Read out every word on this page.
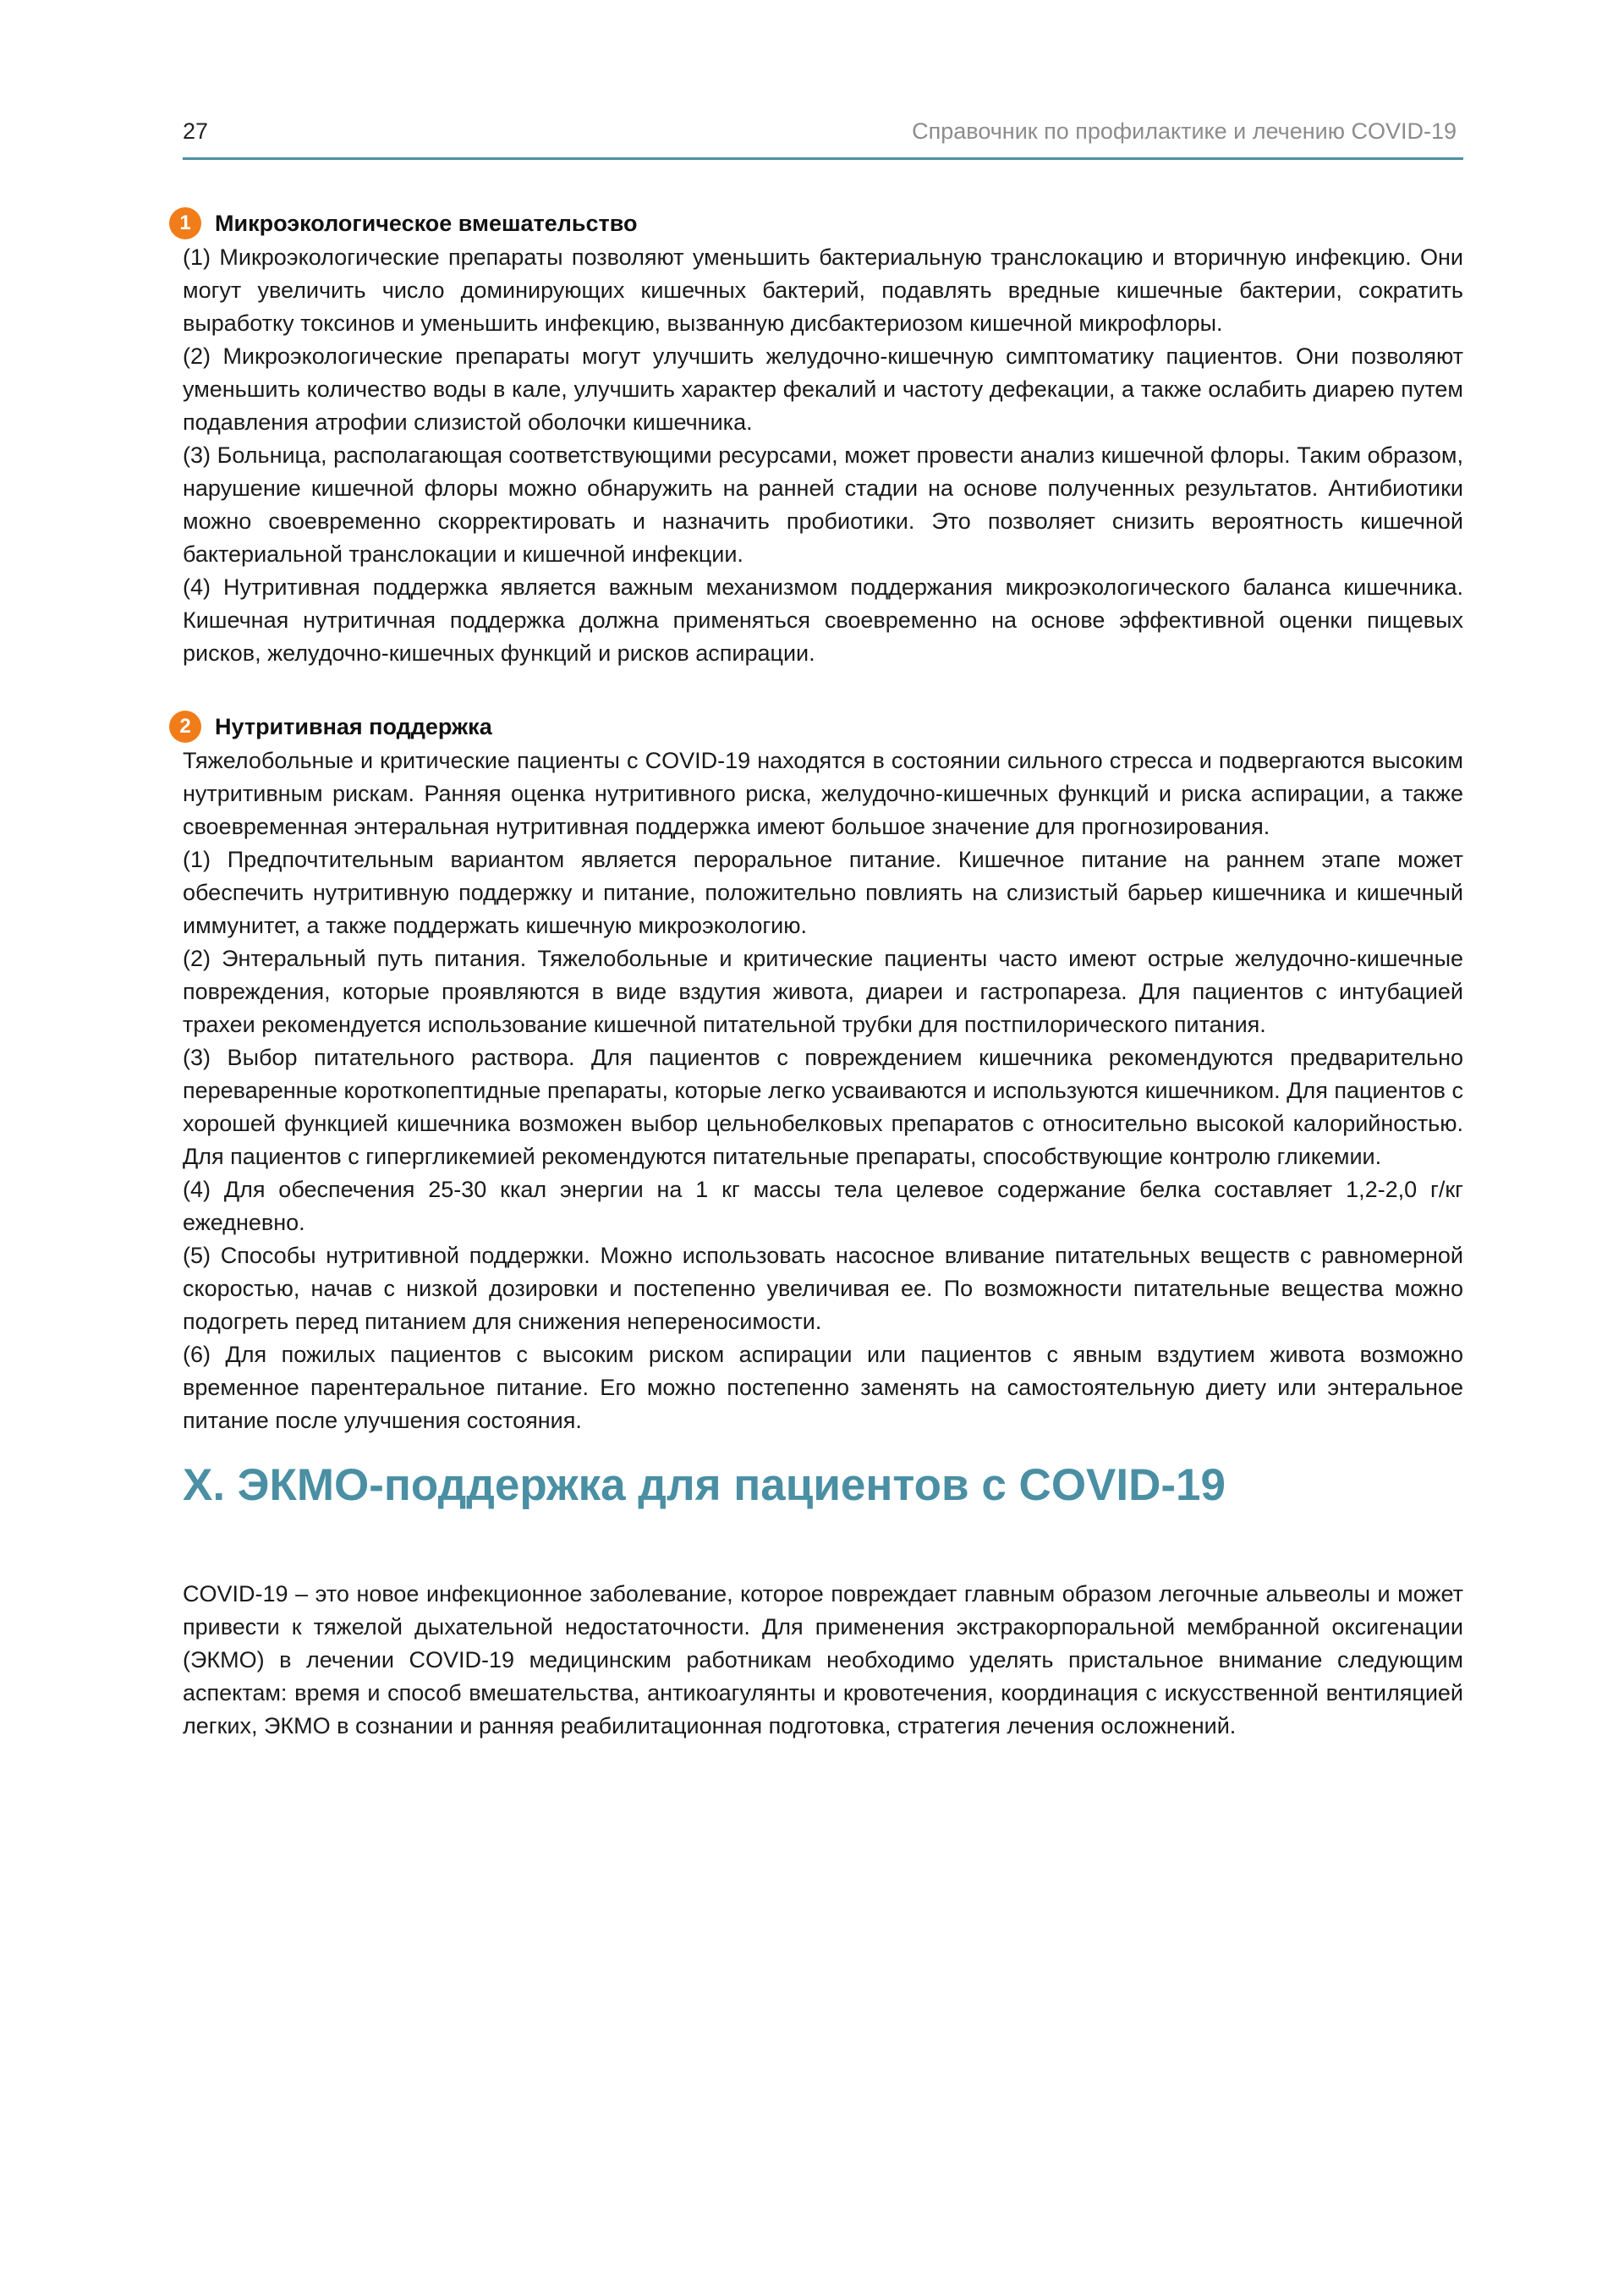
27	Справочник по профилактике и лечению COVID-19
1	Микроэкологическое вмешательство

(1) Микроэкологические препараты позволяют уменьшить бактериальную транслокацию и вторичную инфекцию. Они могут увеличить число доминирующих кишечных бактерий, подавлять вредные кишечные бактерии, сократить выработку токсинов и уменьшить инфекцию, вызванную дисбактериозом кишечной микрофлоры.

(2) Микроэкологические препараты могут улучшить желудочно-кишечную симптоматику пациентов. Они позволяют уменьшить количество воды в кале, улучшить характер фекалий и частоту дефекации, а также ослабить диарею путем подавления атрофии слизистой оболочки кишечника.

(3) Больница, располагающая соответствующими ресурсами, может провести анализ кишечной флоры. Таким образом, нарушение кишечной флоры можно обнаружить на ранней стадии на основе полученных результатов. Антибиотики можно своевременно скорректировать и назначить пробиотики. Это позволяет снизить вероятность кишечной бактериальной транслокации и кишечной инфекции.

(4) Нутритивная поддержка является важным механизмом поддержания микроэкологического баланса кишечника. Кишечная нутритичная поддержка должна применяться своевременно на основе эффективной оценки пищевых рисков, желудочно-кишечных функций и рисков аспирации.

2	Нутритивная поддержка

Тяжелобольные и критические пациенты с COVID-19 находятся в состоянии сильного стресса и подвергаются высоким нутритивным рискам. Ранняя оценка нутритивного риска, желудочно-кишечных функций и риска аспирации, а также своевременная энтеральная нутритивная поддержка имеют большое значение для прогнозирования.

(1) Предпочтительным вариантом является пероральное питание. Кишечное питание на раннем этапе может обеспечить нутритивную поддержку и питание, положительно повлиять на слизистый барьер кишечника и кишечный иммунитет, а также поддержать кишечную микроэкологию.

(2) Энтеральный путь питания. Тяжелобольные и критические пациенты часто имеют острые желудочно-кишечные повреждения, которые проявляются в виде вздутия живота, диареи и гастропареза. Для пациентов с интубацией трахеи рекомендуется использование кишечной питательной трубки для постпилорического питания.

(3) Выбор питательного раствора. Для пациентов с повреждением кишечника рекомендуются предварительно переваренные короткопептидные препараты, которые легко усваиваются и используются кишечником. Для пациентов с хорошей функцией кишечника возможен выбор цельнобелковых препаратов с относительно высокой калорийностью. Для пациентов с гипергликемией рекомендуются питательные препараты, способствующие контролю гликемии.

(4) Для обеспечения 25-30 ккал энергии на 1 кг массы тела целевое содержание белка составляет 1,2-2,0 г/кг ежедневно.

(5) Способы нутритивной поддержки. Можно использовать насосное вливание питательных веществ с равномерной скоростью, начав с низкой дозировки и постепенно увеличивая ее. По возможности питательные вещества можно подогреть перед питанием для снижения непереносимости.

(6) Для пожилых пациентов с высоким риском аспирации или пациентов с явным вздутием живота возможно временное парентеральное питание. Его можно постепенно заменять на самостоятельную диету или энтеральное питание после улучшения состояния.

X. ЭКМО-поддержка для пациентов с COVID-19

COVID-19 – это новое инфекционное заболевание, которое повреждает главным образом легочные альвеолы и может привести к тяжелой дыхательной недостаточности. Для применения экстракорпоральной мембранной оксигенации (ЭКМО) в лечении COVID-19 медицинским работникам необходимо уделять пристальное внимание следующим аспектам: время и способ вмешательства, антикоагулянты и кровотечения, координация с искусственной вентиляцией легких, ЭКМО в сознании и ранняя реабилитационная подготовка, стратегия лечения осложнений.
